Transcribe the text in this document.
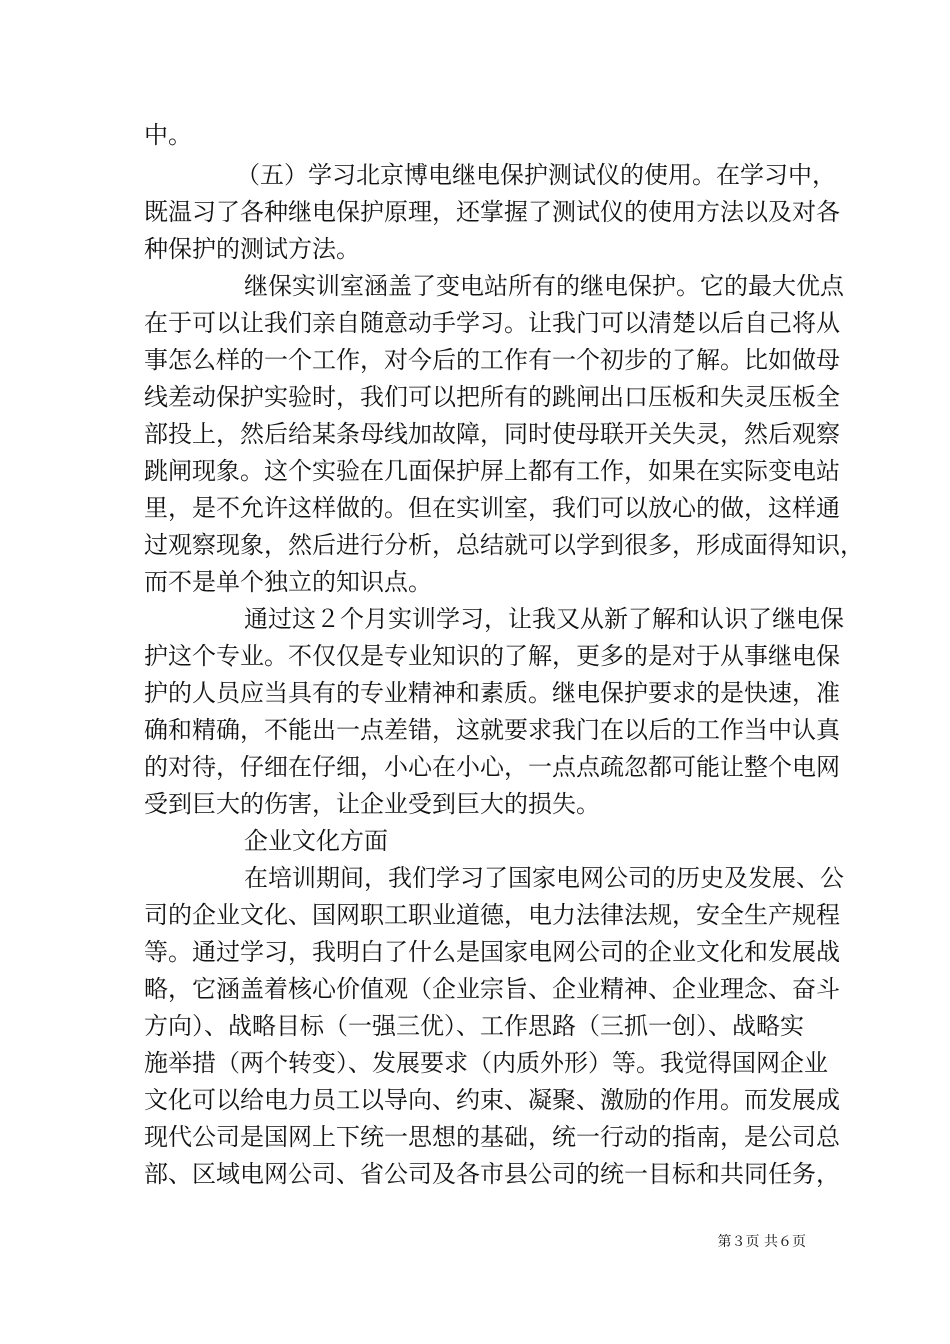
中。
（五）学习北京博电继电保护测试仪的使用。在学习中，
既温习了各种继电保护原理，还掌握了测试仪的使用方法以及对各
种保护的测试方法。
继保实训室涵盖了变电站所有的继电保护。它的最大优点
在于可以让我们亲自随意动手学习。让我门可以清楚以后自己将从
事怎么样的一个工作，对今后的工作有一个初步的了解。比如做母
线差动保护实验时，我们可以把所有的跳闸出口压板和失灵压板全
部投上，然后给某条母线加故障，同时使母联开关失灵，然后观察
跳闸现象。这个实验在几面保护屏上都有工作，如果在实际变电站
里，是不允许这样做的。但在实训室，我们可以放心的做，这样通
过观察现象，然后进行分析，总结就可以学到很多，形成面得知识，
而不是单个独立的知识点。
通过这２个月实训学习，让我又从新了解和认识了继电保
护这个专业。不仅仅是专业知识的了解，更多的是对于从事继电保
护的人员应当具有的专业精神和素质。继电保护要求的是快速，准
确和精确，不能出一点差错，这就要求我门在以后的工作当中认真
的对待，仔细在仔细，小心在小心，一点点疏忽都可能让整个电网
受到巨大的伤害，让企业受到巨大的损失。
企业文化方面
在培训期间，我们学习了国家电网公司的历史及发展、公
司的企业文化、国网职工职业道德，电力法律法规，安全生产规程
等。通过学习，我明白了什么是国家电网公司的企业文化和发展战
略，它涵盖着核心价值观（企业宗旨、企业精神、企业理念、奋斗
方向）、战略目标（一强三优）、工作思路（三抓一创）、战略实
施举措（两个转变）、发展要求（内质外形）等。我觉得国网企业
文化可以给电力员工以导向、约束、凝聚、激励的作用。而发展成
现代公司是国网上下统一思想的基础，统一行动的指南，是公司总
部、区域电网公司、省公司及各市县公司的统一目标和共同任务，
第３页 共６页
